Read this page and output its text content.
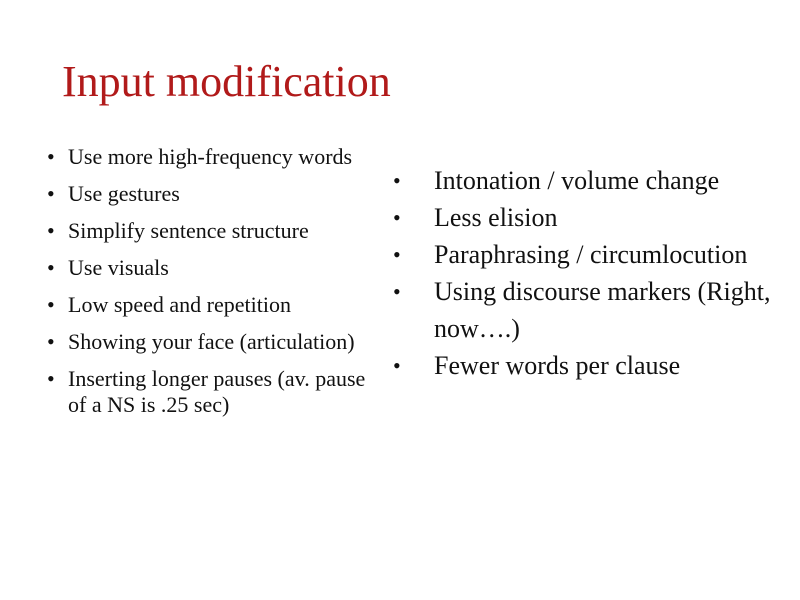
Input modification
• Use more high-frequency words
• Use gestures
• Simplify sentence structure
• Use visuals
• Low speed and repetition
• Showing your face (articulation)
• Inserting longer pauses (av. pause of a NS is .25 sec)
• Intonation / volume change
• Less elision
• Paraphrasing / circumlocution
• Using discourse markers (Right, now….)
• Fewer words per clause
